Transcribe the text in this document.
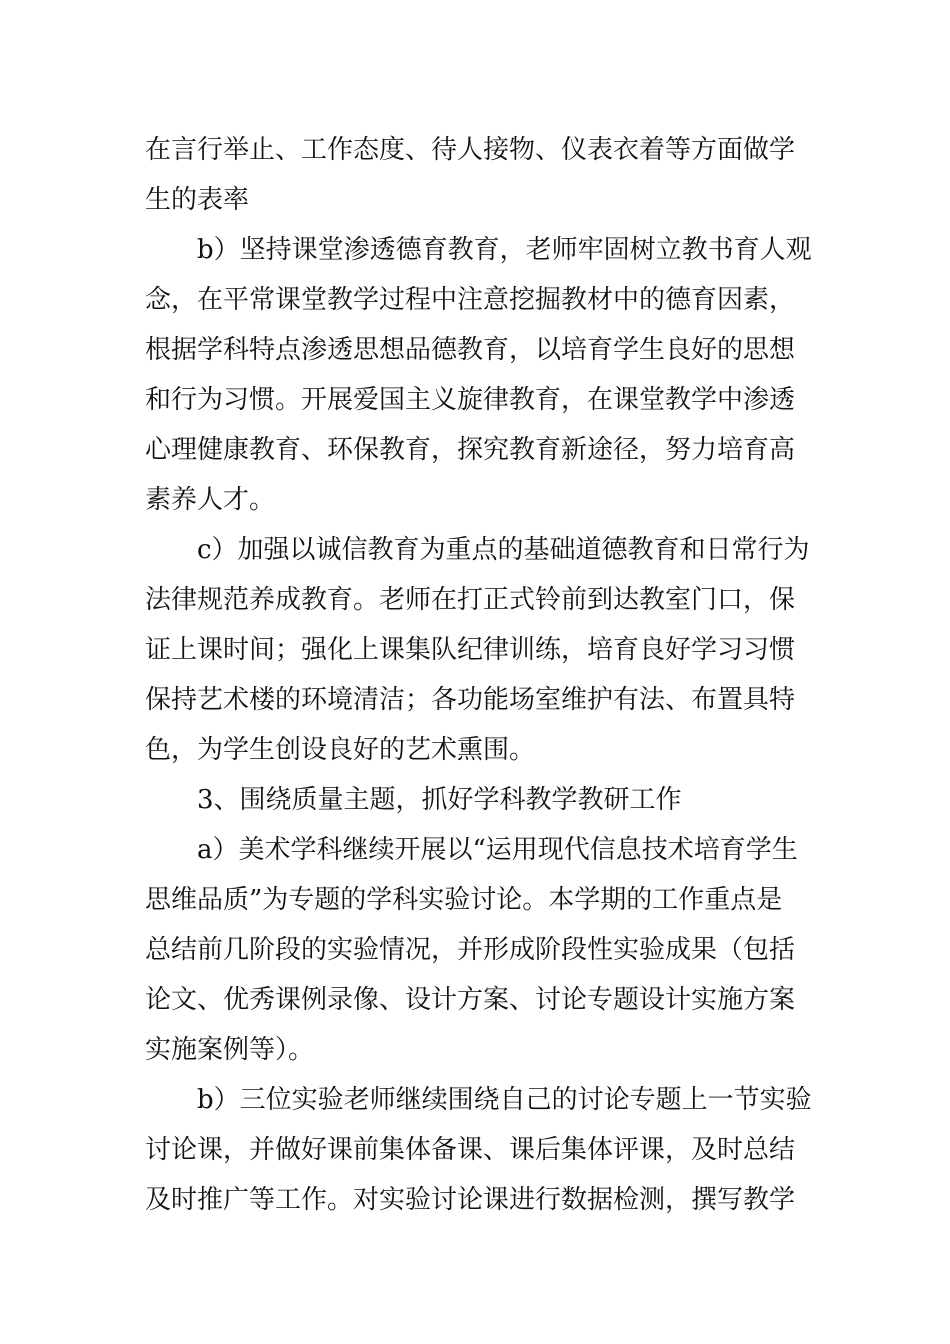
在言行举止、工作态度、待人接物、仪表衣着等方面做学
生的表率
b）坚持课堂渗透德育教育，老师牢固树立教书育人观
念，在平常课堂教学过程中注意挖掘教材中的德育因素，
根据学科特点渗透思想品德教育，以培育学生良好的思想
和行为习惯。开展爱国主义旋律教育，在课堂教学中渗透
心理健康教育、环保教育，探究教育新途径，努力培育高
素养人才。
c）加强以诚信教育为重点的基础道德教育和日常行为
法律规范养成教育。老师在打正式铃前到达教室门口，保
证上课时间；强化上课集队纪律训练，培育良好学习习惯
保持艺术楼的环境清洁；各功能场室维护有法、布置具特
色，为学生创设良好的艺术熏围。
3、围绕质量主题，抓好学科教学教研工作
a）美术学科继续开展以“运用现代信息技术培育学生
思维品质”为专题的学科实验讨论。本学期的工作重点是
总结前几阶段的实验情况，并形成阶段性实验成果（包括
论文、优秀课例录像、设计方案、讨论专题设计实施方案
实施案例等）。
b）三位实验老师继续围绕自己的讨论专题上一节实验
讨论课，并做好课前集体备课、课后集体评课，及时总结
及时推广等工作。对实验讨论课进行数据检测，撰写教学
